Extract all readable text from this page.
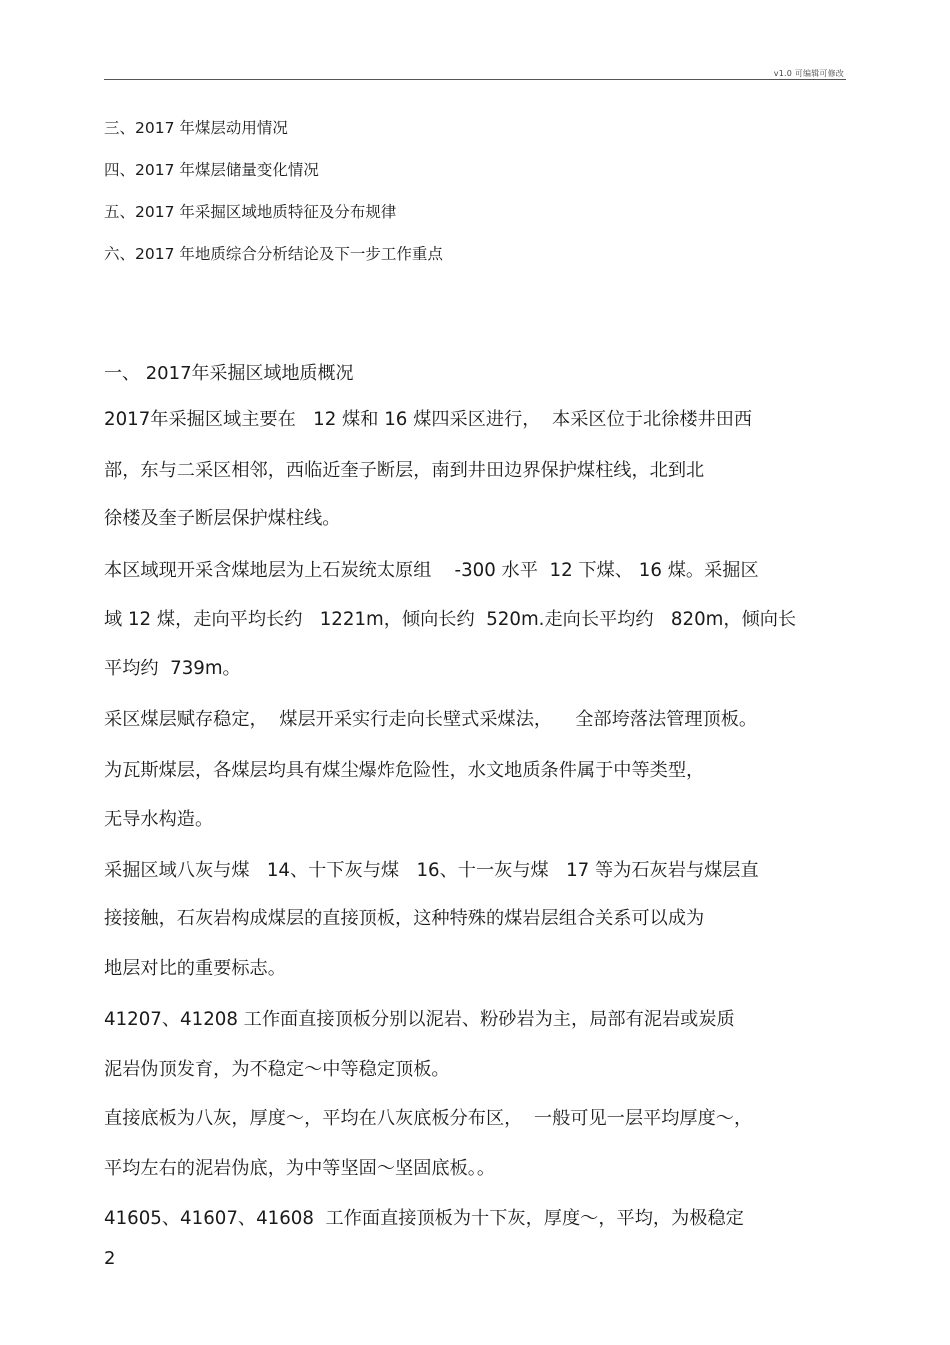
v1.0 可编辑可修改
三、2017 年煤层动用情况
四、2017 年煤层储量变化情况
五、2017 年采掘区域地质特征及分布规律
六、2017 年地质综合分析结论及下一步工作重点
一、 2017年采掘区域地质概况
2017年采掘区域主要在   12 煤和 16 煤四采区进行，  本采区位于北徐楼井田西
部，东与二采区相邻，西临近奎子断层，南到井田边界保护煤柱线，北到北
徐楼及奎子断层保护煤柱线。
本区域现开采含煤地层为上石炭统太原组    -300 水平  12 下煤、 16 煤。采掘区
域 12 煤，走向平均长约   1221m，倾向长约  520m.走向长平均约   820m，倾向长
平均约  739m。
采区煤层赋存稳定，  煤层开采实行走向长壁式采煤法，    全部垮落法管理顶板。
为瓦斯煤层，各煤层均具有煤尘爆炸危险性，水文地质条件属于中等类型，
无导水构造。
采掘区域八灰与煤   14、十下灰与煤   16、十一灰与煤   17 等为石灰岩与煤层直
接接触，石灰岩构成煤层的直接顶板，这种特殊的煤岩层组合关系可以成为
地层对比的重要标志。
41207、41208 工作面直接顶板分别以泥岩、粉砂岩为主，局部有泥岩或炭质
泥岩伪顶发育，为不稳定～中等稳定顶板。
直接底板为八灰，厚度～，平均在八灰底板分布区，  一般可见一层平均厚度～，
平均左右的泥岩伪底，为中等坚固～坚固底板。。
41605、41607、41608  工作面直接顶板为十下灰，厚度～，平均，为极稳定
2
